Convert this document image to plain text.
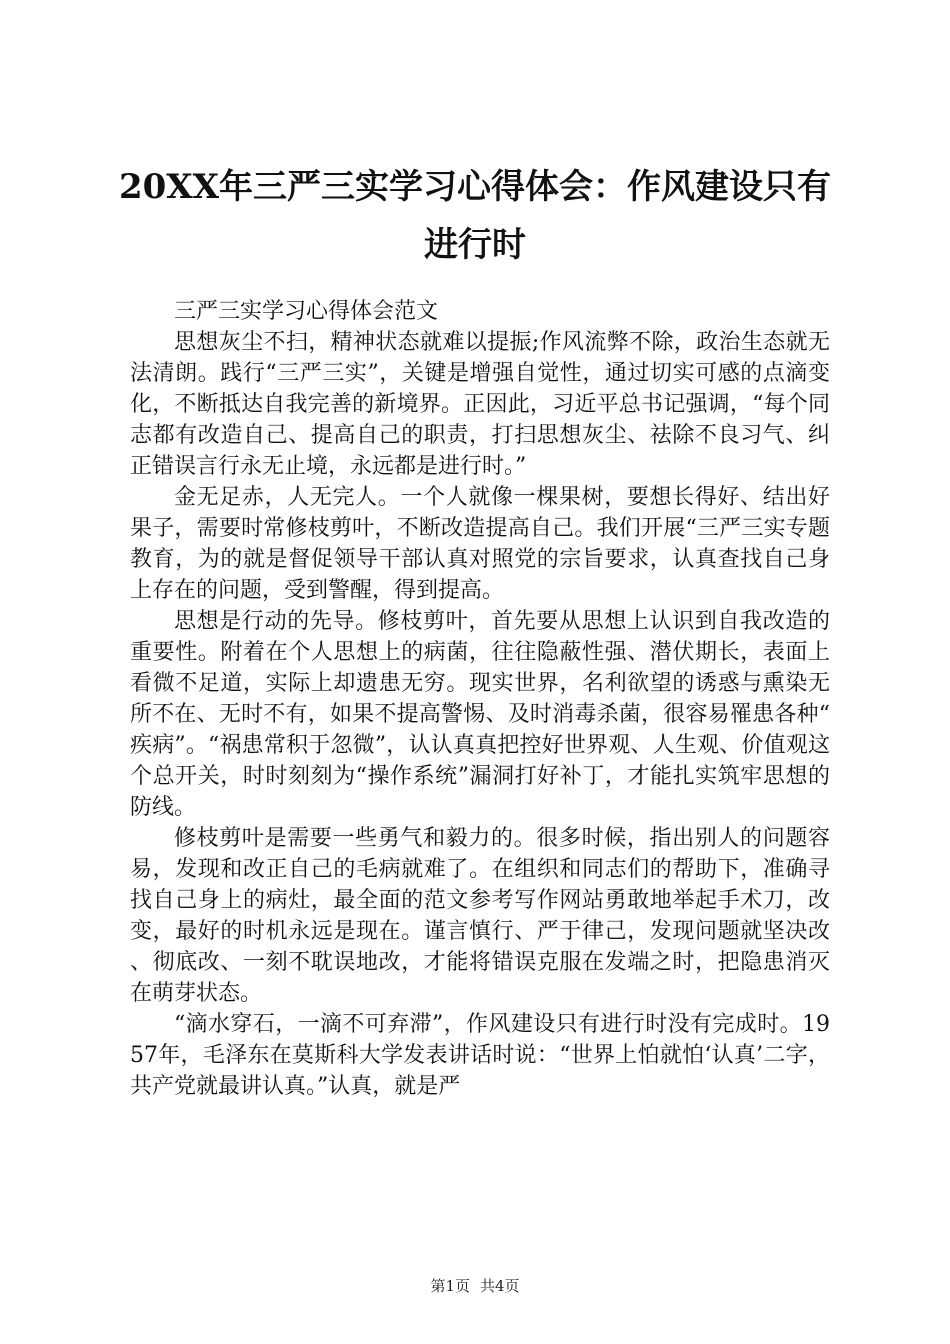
20XX年三严三实学习心得体会：作风建设只有进行时

三严三实学习心得体会范文

思想灰尘不扫，精神状态就难以提振;作风流弊不除，政治生态就无法清朗。践行“三严三实”，关键是增强自觉性，通过切实可感的点滴变化，不断抵达自我完善的新境界。正因此，习近平总书记强调，“每个同志都有改造自己、提高自己的职责，打扫思想灰尘、祛除不良习气、纠正错误言行永无止境，永远都是进行时。”

金无足赤，人无完人。一个人就像一棵果树，要想长得好、结出好果子，需要时常修枝剪叶，不断改造提高自己。我们开展“三严三实专题教育，为的就是督促领导干部认真对照党的宗旨要求，认真查找自己身上存在的问题，受到警醒，得到提高。

思想是行动的先导。修枝剪叶，首先要从思想上认识到自我改造的重要性。附着在个人思想上的病菌，往往隐蔽性强、潜伏期长，表面上看微不足道，实际上却遗患无穷。现实世界，名利欲望的诱惑与熏染无所不在、无时不有，如果不提高警惕、及时消毒杀菌，很容易罹患各种“疾病”。“祸患常积于忽微”，认认真真把控好世界观、人生观、价值观这个总开关，时时刻刻为“操作系统”漏洞打好补丁，才能扎实筑牢思想的防线。

修枝剪叶是需要一些勇气和毅力的。很多时候，指出别人的问题容易，发现和改正自己的毛病就难了。在组织和同志们的帮助下，准确寻找自己身上的病灶，最全面的范文参考写作网站勇敢地举起手术刀，改变，最好的时机永远是现在。谨言慎行、严于律己，发现问题就坚决改、彻底改、一刻不耽误地改，才能将错误克服在发端之时，把隐患消灭在萌芽状态。

“滴水穿石，一滴不可弃滞”，作风建设只有进行时没有完成时。1957年，毛泽东在莫斯科大学发表讲话时说：“世界上怕就怕‘认真’二字，共产党就最讲认真。”认真，就是严

第1页 共4页
